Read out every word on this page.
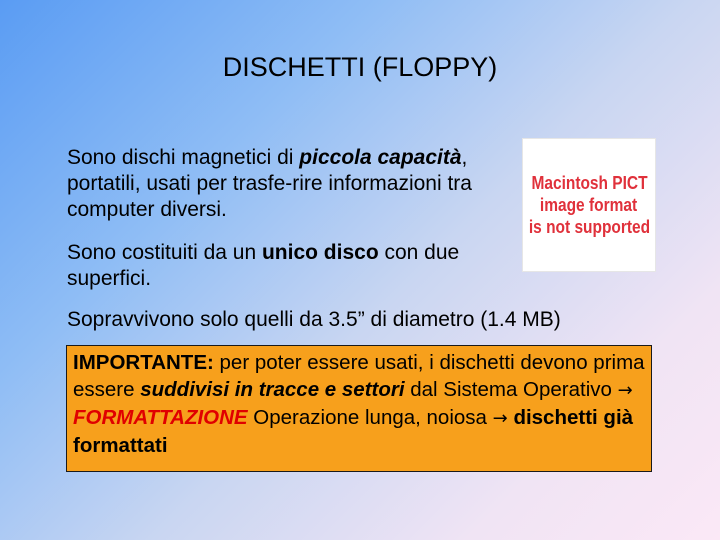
DISCHETTI (FLOPPY)
Sono dischi magnetici di piccola capacità, portatili, usati per trasfe-rire informazioni tra computer diversi.
Sono costituiti da un unico disco con due superfici.
Sopravvivono solo quelli da 3.5” di diametro (1.4 MB)
Macintosh PICT
image format
is not supported
IMPORTANTE: per poter essere usati, i dischetti devono prima essere suddivisi in tracce e settori dal Sistema Operativo → FORMATTAZIONE Operazione lunga, noiosa → dischetti già formattati
